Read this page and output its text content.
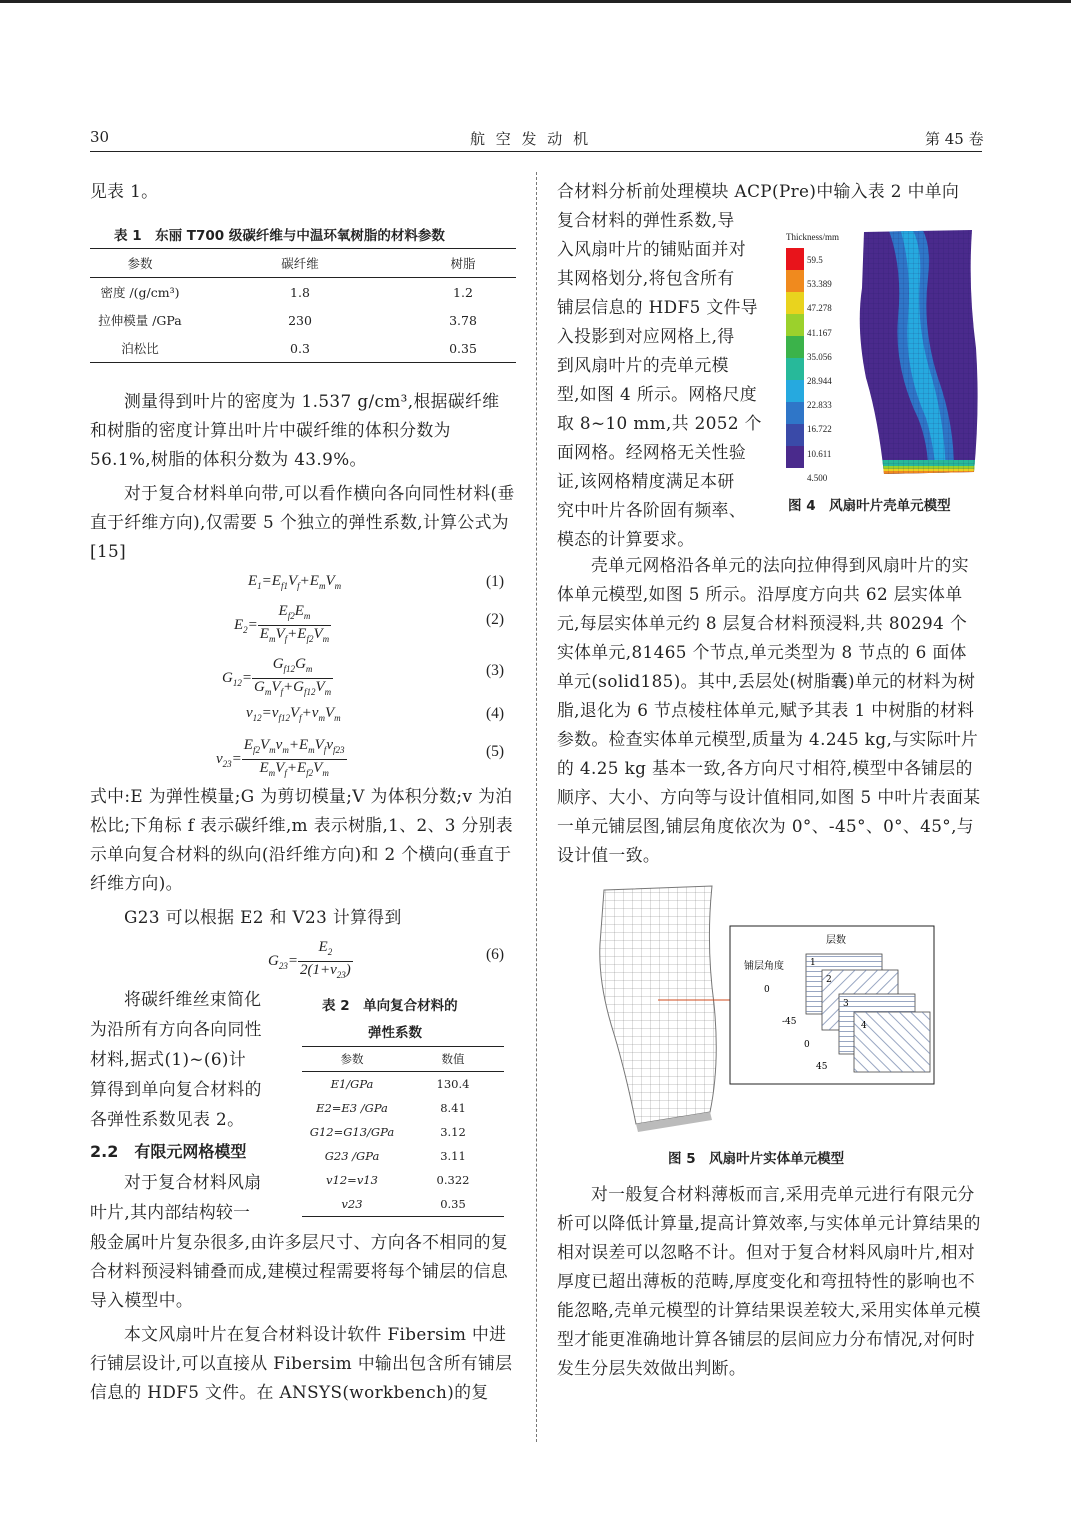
30	航 空 发 动 机	第 45 卷
见表 1。
表 1　东丽 T700 级碳纤维与中温环氧树脂的材料参数
参数	碳纤维	树脂
密度 /(g/cm³)	1.8	1.2
拉伸模量 /GPa	230	3.78
泊松比	0.3	0.35

测量得到叶片的密度为 1.537 g/cm³,根据碳纤维和树脂的密度计算出叶片中碳纤维的体积分数为 56.1%,树脂的体积分数为 43.9%。

对于复合材料单向带,可以看作横向各向同性材料(垂直于纤维方向),仅需要 5 个独立的弹性系数,计算公式为[15]

$E_1=E_{f1}V_f+E_mV_m$
$E_2= \frac{E_{f2}E_m}{E_mV_f+E_{f2}V_m}$
$G_{12}= \frac{G_{f12}G_m}{G_mV_f+G_{f12}V_m}$
$v_{12}=v_{f12}V_f+v_mV_m$
$v_{23}= \frac{E_{f2}V_mv_m+E_mV_fv_{f23}}{E_mV_f+E_{f2}V_m}$
(1)
(2)
(3)
(4)
(5)

式中:E 为弹性模量;G 为剪切模量;V 为体积分数;v 为泊松比;下角标 f 表示碳纤维,m 表示树脂,1、2、3 分别表示单向复合材料的纵向(沿纤维方向)和 2 个横向(垂直于纤维方向)。

G23 可以根据 E2 和 V23 计算得到

$G_{23}= \frac{E_2}{2(1+v_{23})}$	(6)
将碳纤维丝束简化
为沿所有方向各向同性
材料,据式(1)~(6)计
算得到单向复合材料的
各弹性系数见表 2。
2.2　有限元网格模型
对于复合材料风扇
叶片,其内部结构较一
表 2　单向复合材料的
弹性系数
参数	数值
E1/GPa	130.4
E2=E3 /GPa	8.41
G12=G13/GPa	3.12
G23 /GPa	3.11
v12=v13	0.322
v23	0.35

般金属叶片复杂很多,由许多层尺寸、方向各不相同的复合材料预浸料铺叠而成,建模过程需要将每个铺层的信息导入模型中。

本文风扇叶片在复合材料设计软件 Fibersim 中进行铺层设计,可以直接从 Fibersim 中输出包含所有铺层信息的 HDF5 文件。在 ANSYS(workbench)的复

合材料分析前处理模块 ACP(Pre)中输入表 2 中单向
复合材料的弹性系数,导
入风扇叶片的铺贴面并对
其网格划分,将包含所有
铺层信息的 HDF5 文件导
入投影到对应网格上,得
到风扇叶片的壳单元模
型,如图 4 所示。网格尺度
取 8~10 mm,共 2052 个
面网格。经网格无关性验
证,该网格精度满足本研
究中叶片各阶固有频率、
模态的计算要求。
Thickness/mm
59.5
53.389
47.278
41.167
35.056
28.944
22.833
16.722
10.611
4.500
图 4　风扇叶片壳单元模型

壳单元网格沿各单元的法向拉伸得到风扇叶片的实体单元模型,如图 5 所示。沿厚度方向共 62 层实体单元,每层实体单元约 8 层复合材料预浸料,共 80294 个实体单元,81465 个节点,单元类型为 8 节点的 6 面体单元(solid185)。其中,丢层处(树脂囊)单元的材料为树脂,退化为 6 节点棱柱体单元,赋予其表 1 中树脂的材料参数。检查实体单元模型,质量为 4.245 kg,与实际叶片的 4.25 kg 基本一致,各方向尺寸相符,模型中各铺层的顺序、大小、方向等与设计值相同,如图 5 中叶片表面某一单元铺层图,铺层角度依次为 0°、-45°、0°、45°,与设计值一致。

层数
铺层角度	1
2
3
4
0
-45
0
45
图 5　风扇叶片实体单元模型

对一般复合材料薄板而言,采用壳单元进行有限元分析可以降低计算量,提高计算效率,与实体单元计算结果的相对误差可以忽略不计。但对于复合材料风扇叶片,相对厚度已超出薄板的范畴,厚度变化和弯扭特性的影响也不能忽略,壳单元模型的计算结果误差较大,采用实体单元模型才能更准确地计算各铺层的层间应力分布情况,对何时发生分层失效做出判断。
